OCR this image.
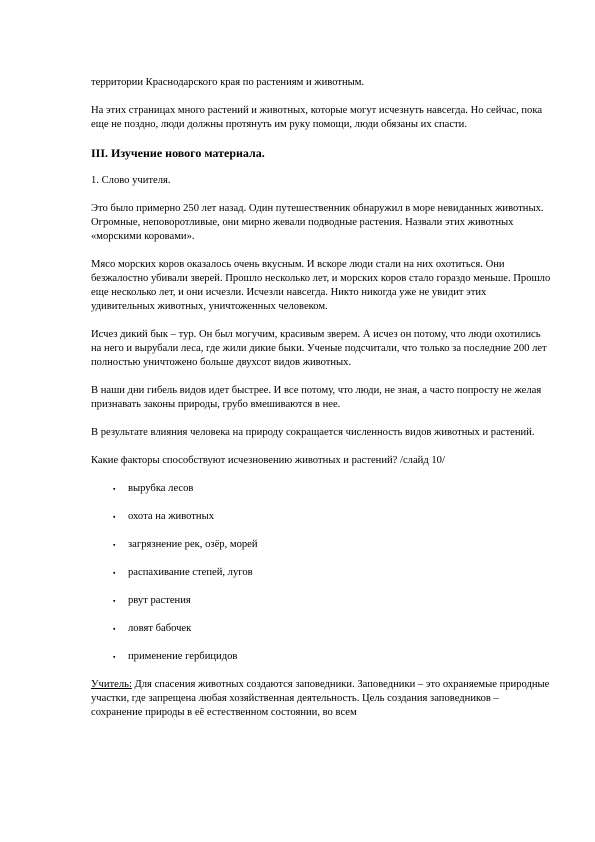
территории Краснодарского края по растениям и животным.

На этих страницах много растений и животных, которые могут исчезнуть навсегда. Но сейчас, пока еще не поздно, люди должны протянуть им руку помощи, люди обязаны их спасти.

III. Изучение нового материала.

1. Слово учителя.

Это было примерно 250 лет назад. Один путешественник обнаружил в море невиданных животных. Огромные, неповоротливые, они мирно жевали подводные растения. Назвали этих животных «морскими коровами».

Мясо морских коров оказалось очень вкусным. И вскоре люди стали на них охотиться. Они безжалостно убивали зверей. Прошло несколько лет, и морских коров стало гораздо меньше. Прошло еще несколько лет, и они исчезли. Исчезли навсегда. Никто никогда уже не увидит этих удивительных животных, уничтоженных человеком.

Исчез дикий бык – тур. Он был могучим, красивым зверем. А исчез он потому, что люди охотились на него и вырубали леса, где жили дикие быки. Ученые подсчитали, что только за последние 200 лет полностью уничтожено больше двухсот видов животных.

В наши дни гибель видов идет быстрее. И все потому, что люди, не зная, а часто попросту не желая признавать законы природы, грубо вмешиваются в нее.

В результате влияния человека на природу сокращается численность видов животных и растений.

Какие факторы способствуют исчезновению животных и растений? /слайд 10/

▪ вырубка лесов
▪ охота на животных
▪ загрязнение рек, озёр, морей
▪ распахивание степей, лугов
▪ рвут растения
▪ ловят бабочек
▪ применение гербицидов

Учитель: Для спасения животных создаются заповедники. Заповедники – это охраняемые природные участки, где запрещена любая хозяйственная деятельность. Цель создания заповедников – сохранение природы в её естественном состоянии, во всем
